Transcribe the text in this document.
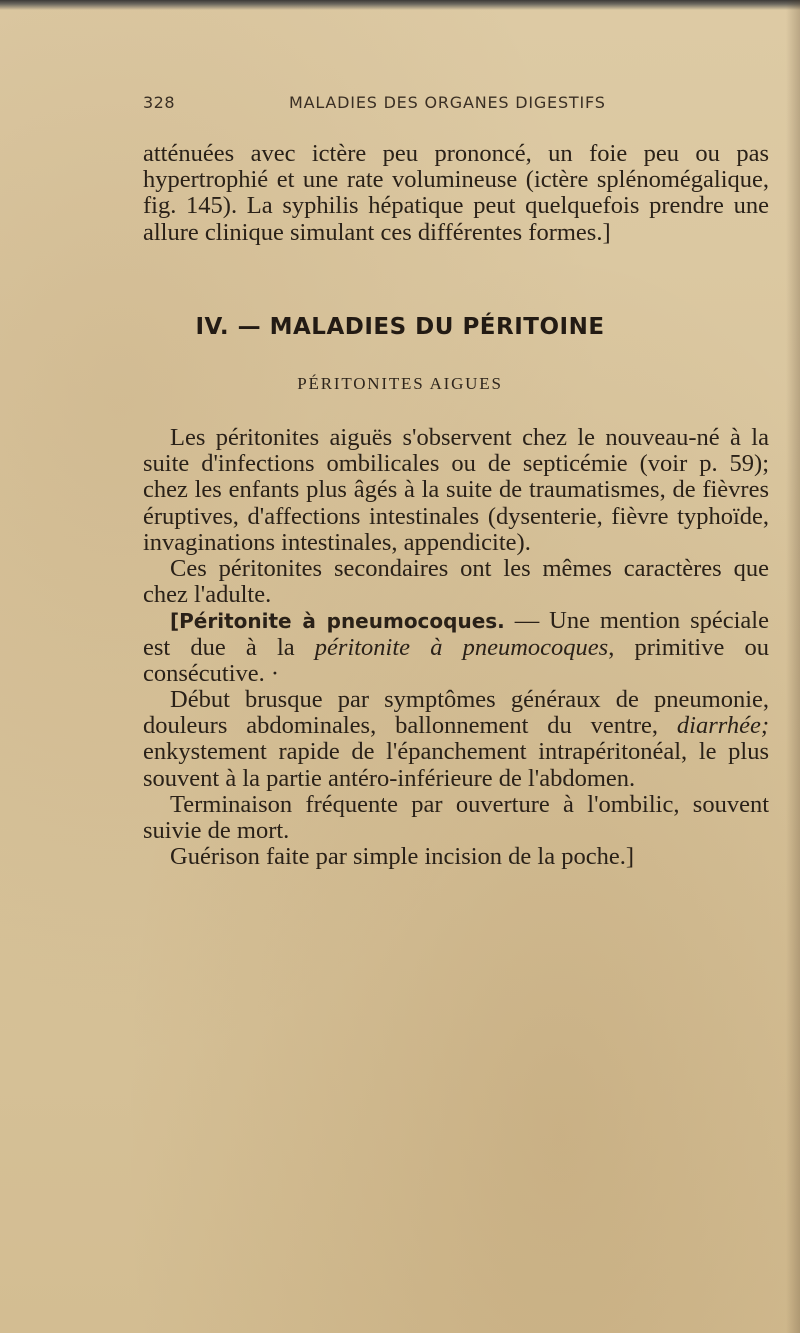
328	MALADIES DES ORGANES DIGESTIFS

atténuées avec ictère peu prononcé, un foie peu ou pas hypertrophié et une rate volumineuse (ictère splénomégalique, fig. 145). La syphilis hépatique peut quelquefois prendre une allure clinique simulant ces différentes formes.]

IV. — MALADIES DU PÉRITOINE
PÉRITONITES AIGUES

Les péritonites aiguës s'observent chez le nouveau-né à la suite d'infections ombilicales ou de septicémie (voir p. 59); chez les enfants plus âgés à la suite de traumatismes, de fièvres éruptives, d'affections intestinales (dysenterie, fièvre typhoïde, invaginations intestinales, appendicite).

Ces péritonites secondaires ont les mêmes caractères que chez l'adulte.

[Péritonite à pneumocoques. — Une mention spéciale est due à la péritonite à pneumocoques, primitive ou consécutive. ·

Début brusque par symptômes généraux de pneumonie, douleurs abdominales, ballonnement du ventre, diarrhée; enkystement rapide de l'épanchement intrapéritonéal, le plus souvent à la partie antéro-inférieure de l'abdomen.

Terminaison fréquente par ouverture à l'ombilic, souvent suivie de mort.

Guérison faite par simple incision de la poche.]
